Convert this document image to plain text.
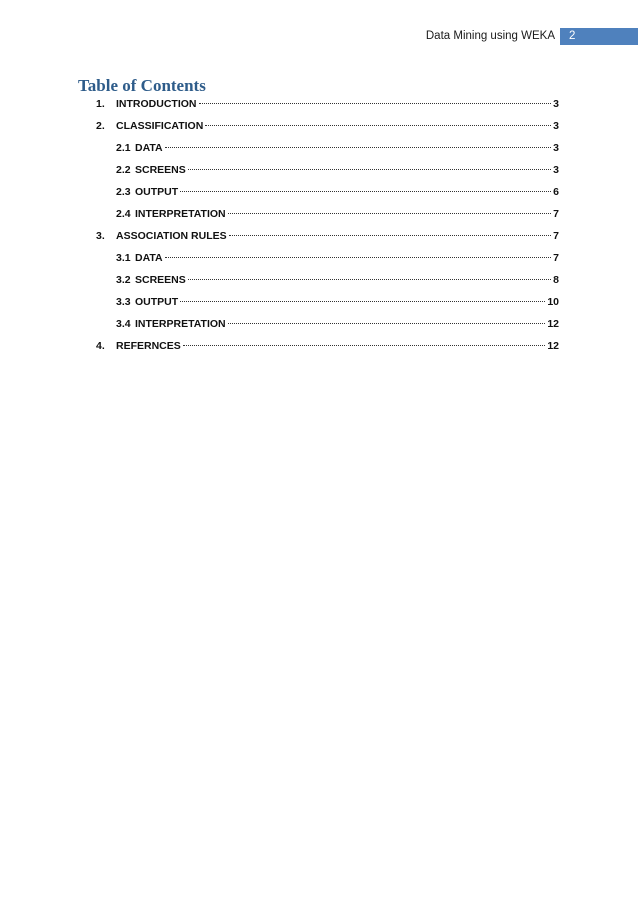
Data Mining using WEKA	2
Table of Contents
1.	INTRODUCTION	3
2.	CLASSIFICATION	3
2.1 DATA	3
2.2 SCREENS	3
2.3 OUTPUT	6
2.4 INTERPRETATION	7
3.	ASSOCIATION RULES	7
3.1 DATA	7
3.2 SCREENS	8
3.3 OUTPUT	10
3.4 INTERPRETATION	12
4.	REFERNCES	12
